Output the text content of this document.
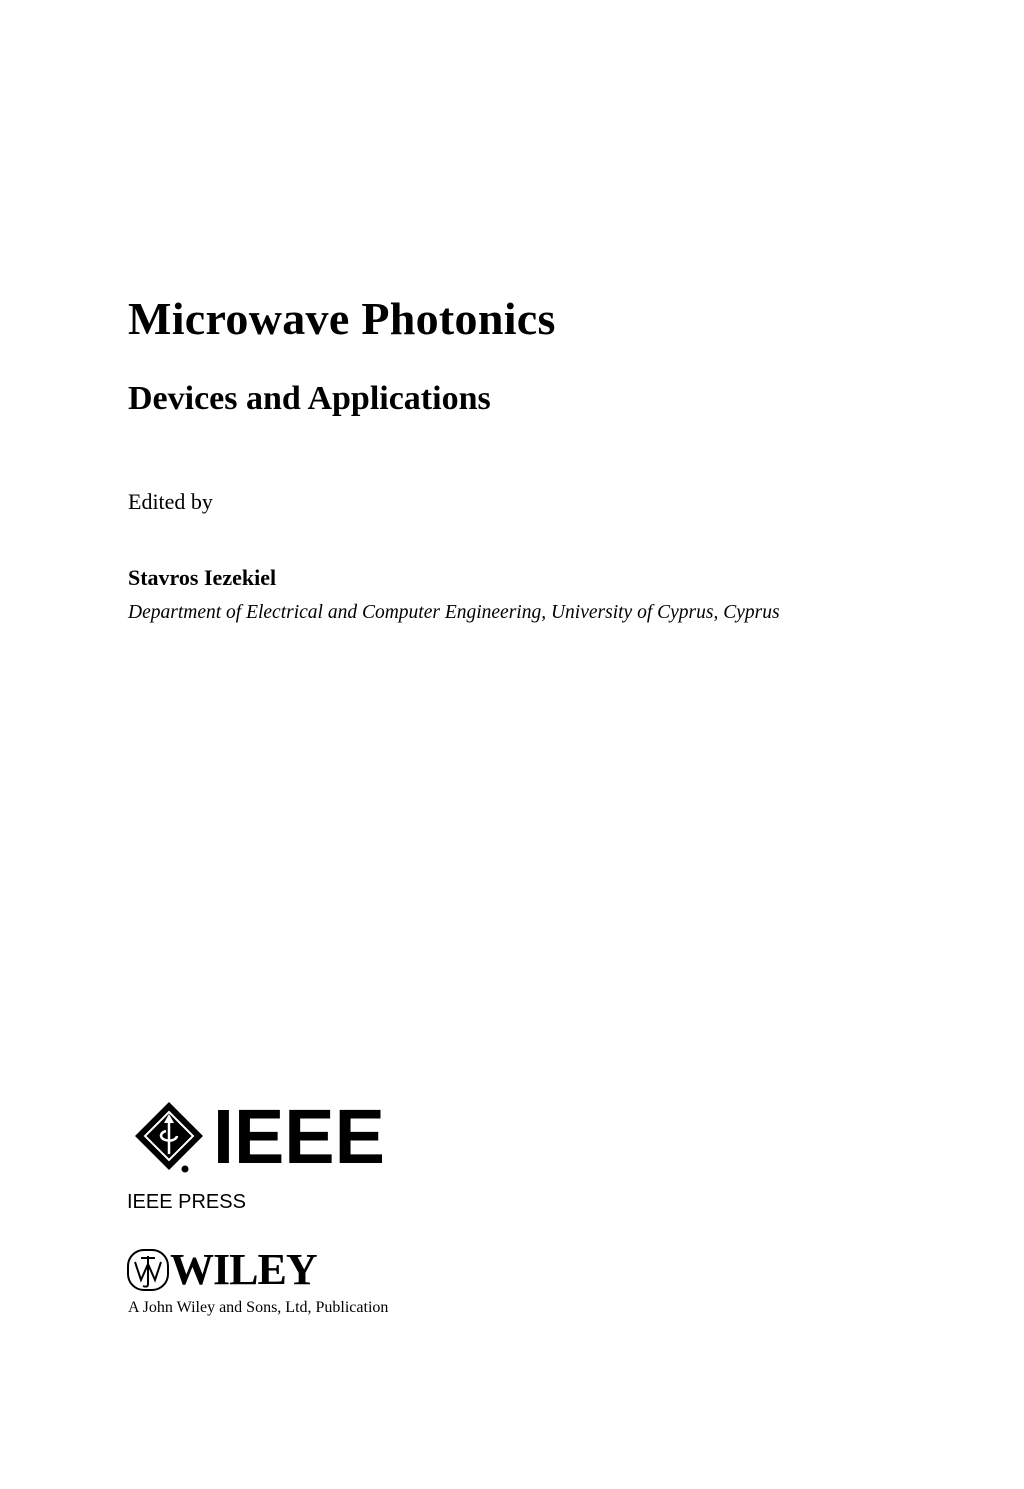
Microwave Photonics
Devices and Applications
Edited by
Stavros Iezekiel
Department of Electrical and Computer Engineering, University of Cyprus, Cyprus
IEEE
IEEE PRESS
WILEY
A John Wiley and Sons, Ltd, Publication
